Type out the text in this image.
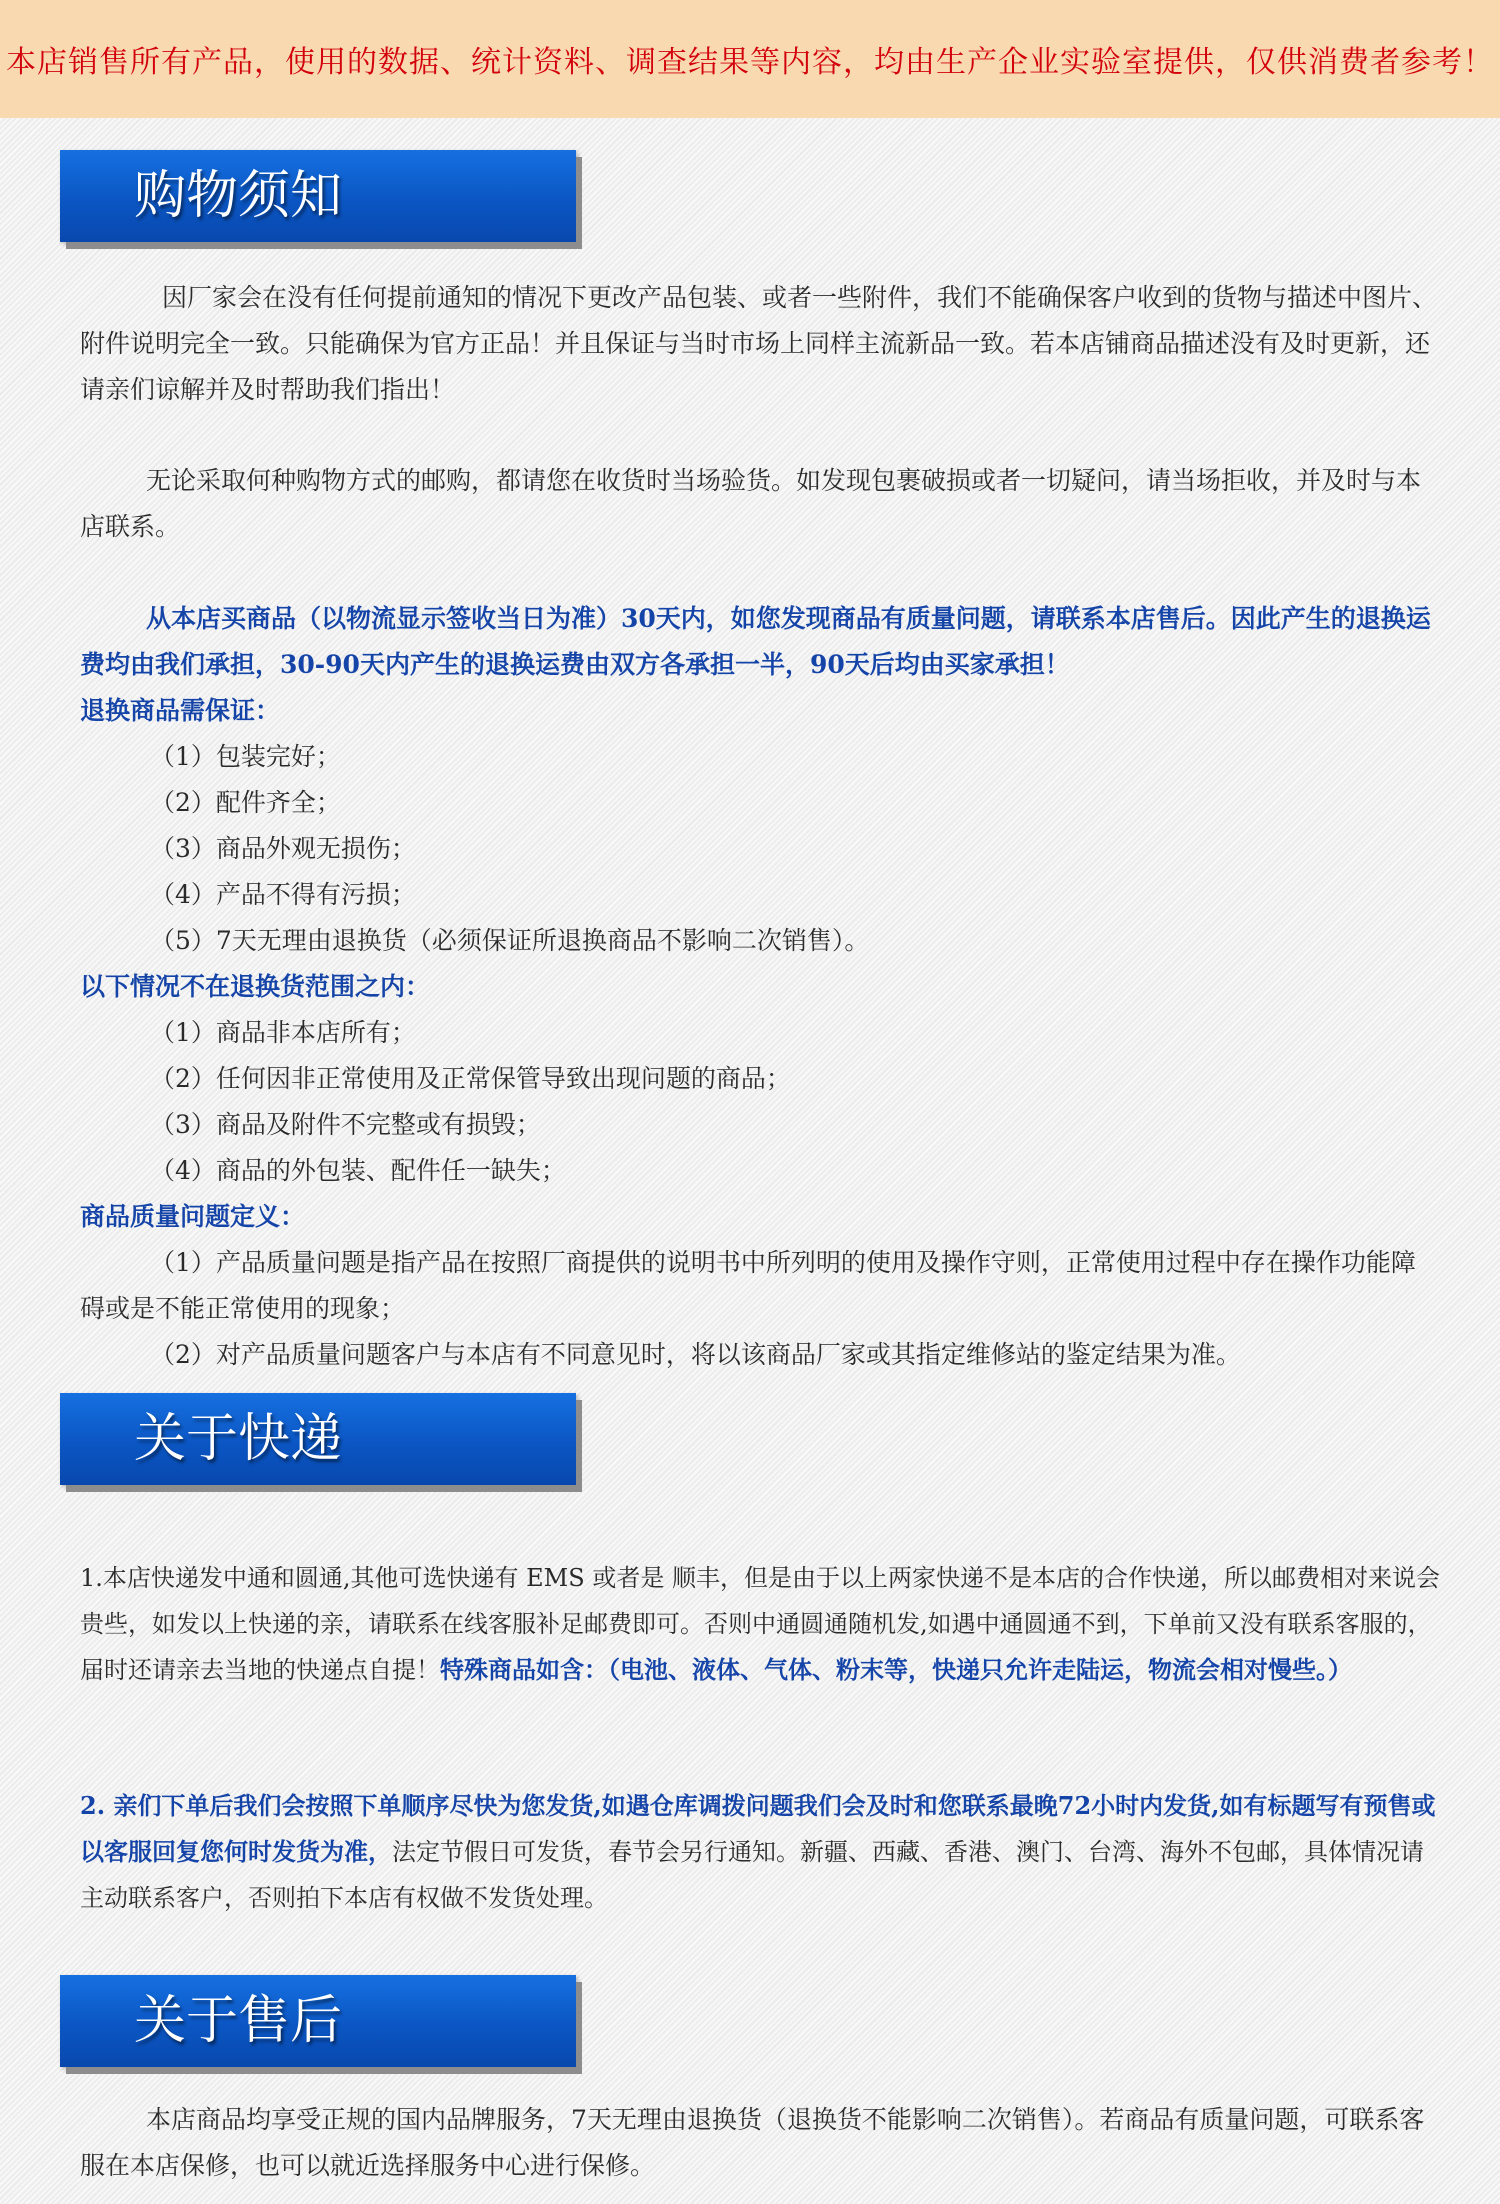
本店销售所有产品，使用的数据、统计资料、调查结果等内容，均由生产企业实验室提供，仅供消费者参考！
购物须知

因厂家会在没有任何提前通知的情况下更改产品包装、或者一些附件，我们不能确保客户收到的货物与描述中图片、附件说明完全一致。只能确保为官方正品！并且保证与当时市场上同样主流新品一致。若本店铺商品描述没有及时更新，还请亲们谅解并及时帮助我们指出！

无论采取何种购物方式的邮购，都请您在收货时当场验货。如发现包裹破损或者一切疑问，请当场拒收，并及时与本店联系。

从本店买商品（以物流显示签收当日为准）30天内，如您发现商品有质量问题，请联系本店售后。因此产生的退换运费均由我们承担，30-90天内产生的退换运费由双方各承担一半，90天后均由买家承担！

退换商品需保证：
（1）包装完好；
（2）配件齐全；
（3）商品外观无损伤；
（4）产品不得有污损；
（5）7天无理由退换货（必须保证所退换商品不影响二次销售）。
以下情况不在退换货范围之内：
（1）商品非本店所有；
（2）任何因非正常使用及正常保管导致出现问题的商品；
（3）商品及附件不完整或有损毁；
（4）商品的外包装、配件任一缺失；
商品质量问题定义：

（1）产品质量问题是指产品在按照厂商提供的说明书中所列明的使用及操作守则，正常使用过程中存在操作功能障碍或是不能正常使用的现象；

（2）对产品质量问题客户与本店有不同意见时，将以该商品厂家或其指定维修站的鉴定结果为准。
关于快递

1.本店快递发中通和圆通,其他可选快递有 EMS 或者是 顺丰，但是由于以上两家快递不是本店的合作快递，所以邮费相对来说会贵些，如发以上快递的亲，请联系在线客服补足邮费即可。否则中通圆通随机发,如遇中通圆通不到，下单前又没有联系客服的，届时还请亲去当地的快递点自提！特殊商品如含：（电池、液体、气体、粉末等，快递只允许走陆运，物流会相对慢些。）

2. 亲们下单后我们会按照下单顺序尽快为您发货,如遇仓库调拨问题我们会及时和您联系最晚72小时内发货,如有标题写有预售或以客服回复您何时发货为准，法定节假日可发货，春节会另行通知。新疆、西藏、香港、澳门、台湾、海外不包邮，具体情况请主动联系客户，否则拍下本店有权做不发货处理。

关于售后

本店商品均享受正规的国内品牌服务，7天无理由退换货（退换货不能影响二次销售）。若商品有质量问题，可联系客服在本店保修，也可以就近选择服务中心进行保修。
